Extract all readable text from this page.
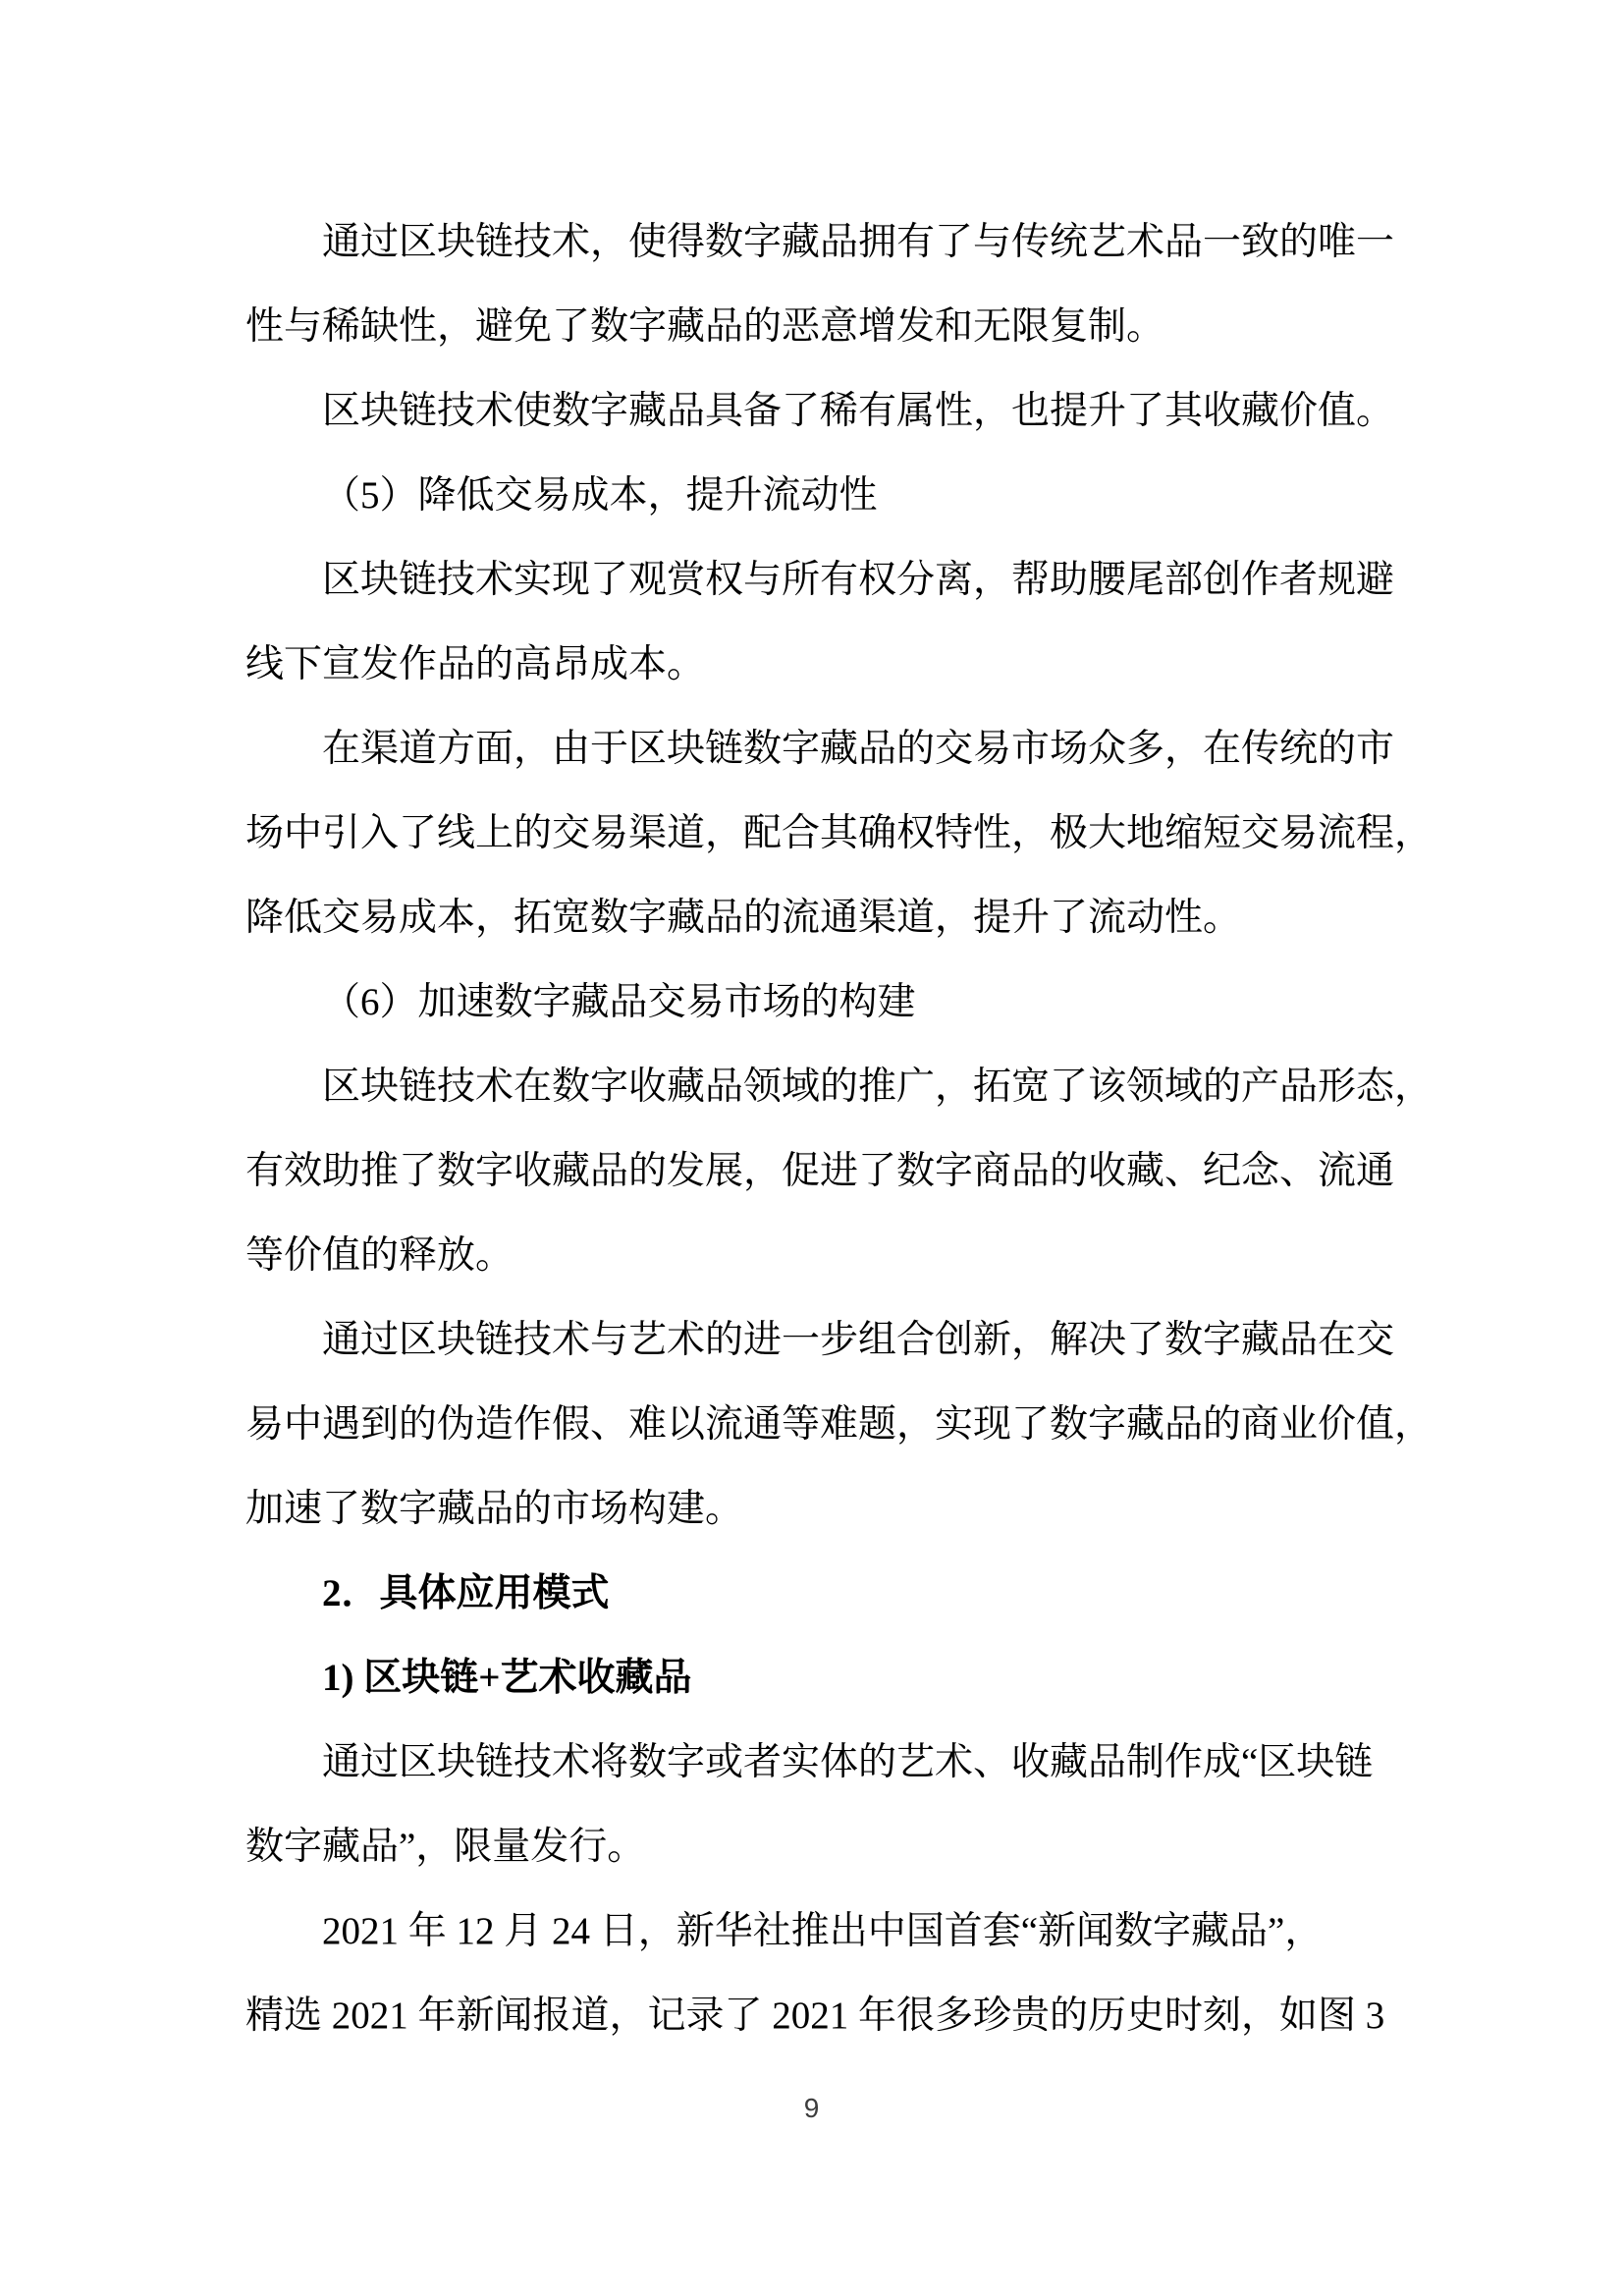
通过区块链技术，使得数字藏品拥有了与传统艺术品一致的唯一
性与稀缺性，避免了数字藏品的恶意增发和无限复制。
区块链技术使数字藏品具备了稀有属性，也提升了其收藏价值。
（5）降低交易成本，提升流动性
区块链技术实现了观赏权与所有权分离，帮助腰尾部创作者规避
线下宣发作品的高昂成本。
在渠道方面，由于区块链数字藏品的交易市场众多，在传统的市
场中引入了线上的交易渠道，配合其确权特性，极大地缩短交易流程，
降低交易成本，拓宽数字藏品的流通渠道，提升了流动性。
（6）加速数字藏品交易市场的构建
区块链技术在数字收藏品领域的推广，拓宽了该领域的产品形态，
有效助推了数字收藏品的发展，促进了数字商品的收藏、纪念、流通
等价值的释放。
通过区块链技术与艺术的进一步组合创新，解决了数字藏品在交
易中遇到的伪造作假、难以流通等难题，实现了数字藏品的商业价值，
加速了数字藏品的市场构建。
2．具体应用模式
1) 区块链+艺术收藏品
通过区块链技术将数字或者实体的艺术、收藏品制作成“区块链
数字藏品”，限量发行。
2021 年 12 月 24 日，新华社推出中国首套“新闻数字藏品”，
精选 2021 年新闻报道，记录了 2021 年很多珍贵的历史时刻，如图 3
9
